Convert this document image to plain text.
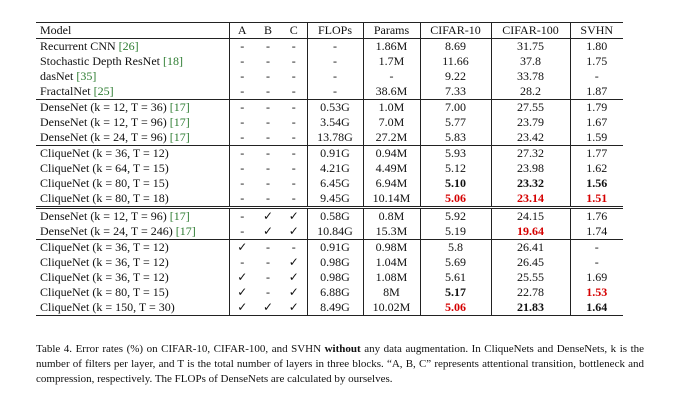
Model	A	B	C	FLOPs	Params	CIFAR-10	CIFAR-100	SVHN
Recurrent CNN [26]	-	-	-	-	1.86M	8.69	31.75	1.80
Stochastic Depth ResNet [18]	-	-	-	-	1.7M	11.66	37.8	1.75
dasNet [35]	-	-	-	-	-	9.22	33.78	-
FractalNet [25]	-	-	-	-	38.6M	7.33	28.2	1.87
DenseNet (k = 12, T = 36) [17]	-	-	-	0.53G	1.0M	7.00	27.55	1.79
DenseNet (k = 12, T = 96) [17]	-	-	-	3.54G	7.0M	5.77	23.79	1.67
DenseNet (k = 24, T = 96) [17]	-	-	-	13.78G	27.2M	5.83	23.42	1.59
CliqueNet (k = 36, T = 12)	-	-	-	0.91G	0.94M	5.93	27.32	1.77
CliqueNet (k = 64, T = 15)	-	-	-	4.21G	4.49M	5.12	23.98	1.62
CliqueNet (k = 80, T = 15)	-	-	-	6.45G	6.94M	5.10	23.32	1.56
CliqueNet (k = 80, T = 18)	-	-	-	9.45G	10.14M	5.06	23.14	1.51
DenseNet (k = 12, T = 96) [17]	-	✓	✓	0.58G	0.8M	5.92	24.15	1.76
DenseNet (k = 24, T = 246) [17]	-	✓	✓	10.84G	15.3M	5.19	19.64	1.74
CliqueNet (k = 36, T = 12)	✓	-	-	0.91G	0.98M	5.8	26.41	-
CliqueNet (k = 36, T = 12)	-	-	✓	0.98G	1.04M	5.69	26.45	-
CliqueNet (k = 36, T = 12)	✓	-	✓	0.98G	1.08M	5.61	25.55	1.69
CliqueNet (k = 80, T = 15)	✓	-	✓	6.88G	8M	5.17	22.78	1.53
CliqueNet (k = 150, T = 30)	✓	✓	✓	8.49G	10.02M	5.06	21.83	1.64
Table 4. Error rates (%) on CIFAR-10, CIFAR-100, and SVHN without any data augmentation. In CliqueNets and DenseNets, k is the number of filters per layer, and T is the total number of layers in three blocks. “A, B, C” represents attentional transition, bottleneck and compression, respectively. The FLOPs of DenseNets are calculated by ourselves.
